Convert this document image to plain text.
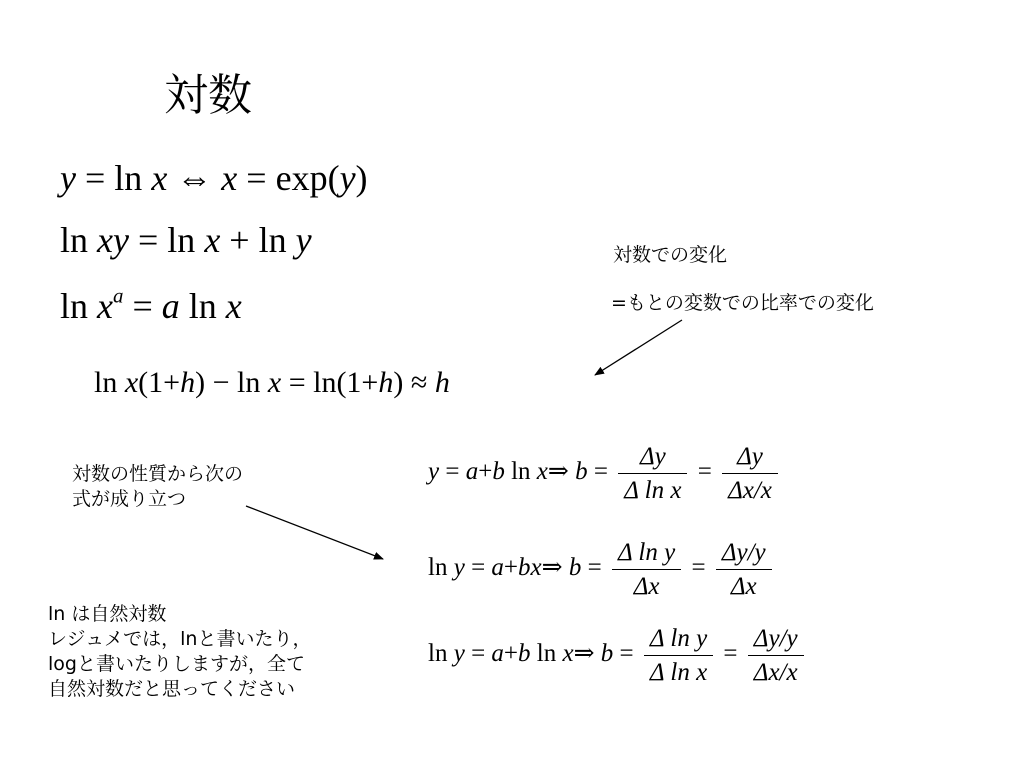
対数
y = ln x ⇔ x = exp(y)
ln xy = ln x + ln y
$\ln x^a = a$ ln x
ln x(1+h) − ln x = ln(1+h) ≈ h
対数での変化
=もとの変数での比率での変化
対数の性質から次の
式が成り立つ
ln は自然対数
レジュメでは，lnと書いたり，
logと書いたりしますが，全て
自然対数だと思ってください
y = a+b ln x⇒ $b = \frac{\Delta y}{\text{Δ ln x}} = \frac{\Delta y}{\Delta x/x}$
ln y = a+bx⇒ $b = \frac{\text{Δ ln y}}{\Delta x} = \frac{\Delta y/y}{\Delta x}$
ln y = a+b ln x⇒ $b = \frac{\text{Δ ln y}}{\text{Δ ln x}} = \frac{\Delta y/y}{\Delta x/x}$
